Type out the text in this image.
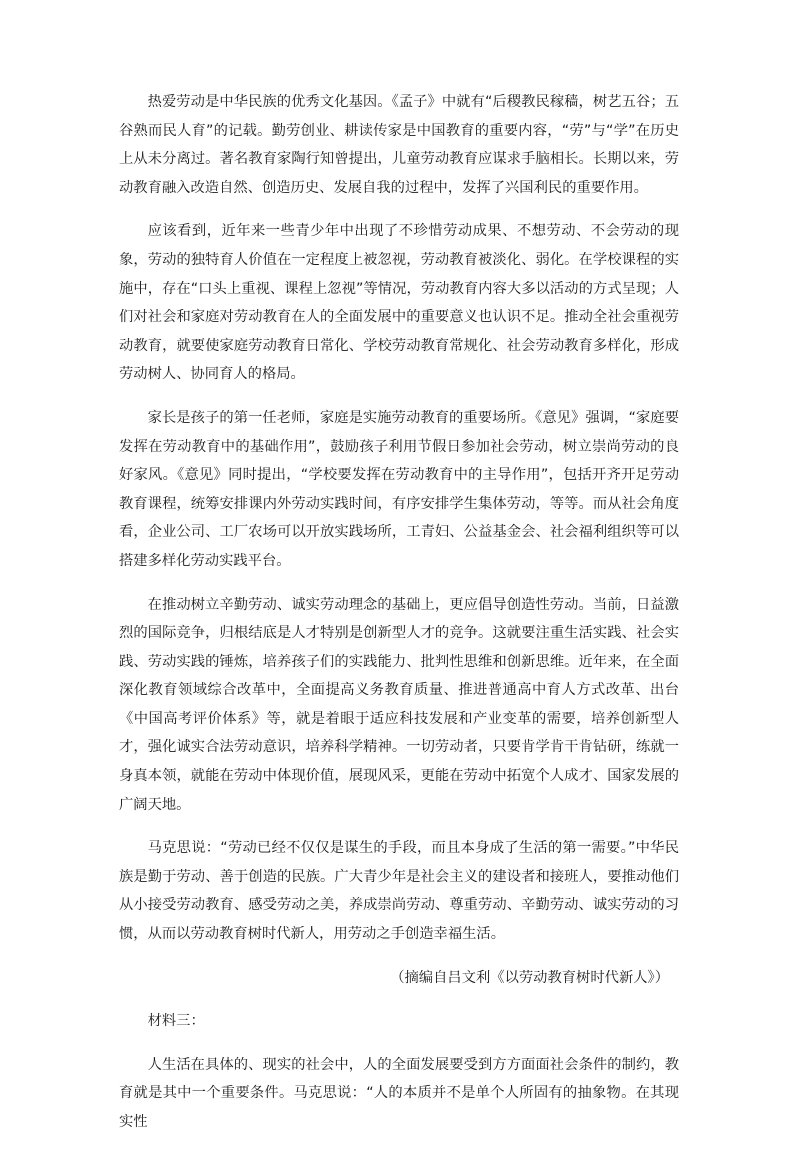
热爱劳动是中华民族的优秀文化基因。《孟子》中就有“后稷教民稼穑，树艺五谷；五谷熟而民人育”的记载。勤劳创业、耕读传家是中国教育的重要内容，“劳”与“学”在历史上从未分离过。著名教育家陶行知曾提出，儿童劳动教育应谋求手脑相长。长期以来，劳动教育融入改造自然、创造历史、发展自我的过程中，发挥了兴国利民的重要作用。

应该看到，近年来一些青少年中出现了不珍惜劳动成果、不想劳动、不会劳动的现象，劳动的独特育人价值在一定程度上被忽视，劳动教育被淡化、弱化。在学校课程的实施中，存在“口头上重视、课程上忽视”等情况，劳动教育内容大多以活动的方式呈现；人们对社会和家庭对劳动教育在人的全面发展中的重要意义也认识不足。推动全社会重视劳动教育，就要使家庭劳动教育日常化、学校劳动教育常规化、社会劳动教育多样化，形成劳动树人、协同育人的格局。

家长是孩子的第一任老师，家庭是实施劳动教育的重要场所。《意见》强调，“家庭要发挥在劳动教育中的基础作用”，鼓励孩子利用节假日参加社会劳动，树立崇尚劳动的良好家风。《意见》同时提出，“学校要发挥在劳动教育中的主导作用”，包括开齐开足劳动教育课程，统筹安排课内外劳动实践时间，有序安排学生集体劳动，等等。而从社会角度看，企业公司、工厂农场可以开放实践场所，工青妇、公益基金会、社会福利组织等可以搭建多样化劳动实践平台。

在推动树立辛勤劳动、诚实劳动理念的基础上，更应倡导创造性劳动。当前，日益激烈的国际竞争，归根结底是人才特别是创新型人才的竞争。这就要注重生活实践、社会实践、劳动实践的锤炼，培养孩子们的实践能力、批判性思维和创新思维。近年来，在全面深化教育领域综合改革中，全面提高义务教育质量、推进普通高中育人方式改革、出台《中国高考评价体系》等，就是着眼于适应科技发展和产业变革的需要，培养创新型人才，强化诚实合法劳动意识，培养科学精神。一切劳动者，只要肯学肯干肯钻研，练就一身真本领，就能在劳动中体现价值，展现风采，更能在劳动中拓宽个人成才、国家发展的广阔天地。

马克思说：“劳动已经不仅仅是谋生的手段，而且本身成了生活的第一需要。”中华民族是勤于劳动、善于创造的民族。广大青少年是社会主义的建设者和接班人，要推动他们从小接受劳动教育、感受劳动之美，养成崇尚劳动、尊重劳动、辛勤劳动、诚实劳动的习惯，从而以劳动教育树时代新人，用劳动之手创造幸福生活。

（摘编自吕文利《以劳动教育树时代新人》）

材料三：

人生活在具体的、现实的社会中，人的全面发展要受到方方面面社会条件的制约，教育就是其中一个重要条件。马克思说：“人的本质并不是单个人所固有的抽象物。在其现实性
